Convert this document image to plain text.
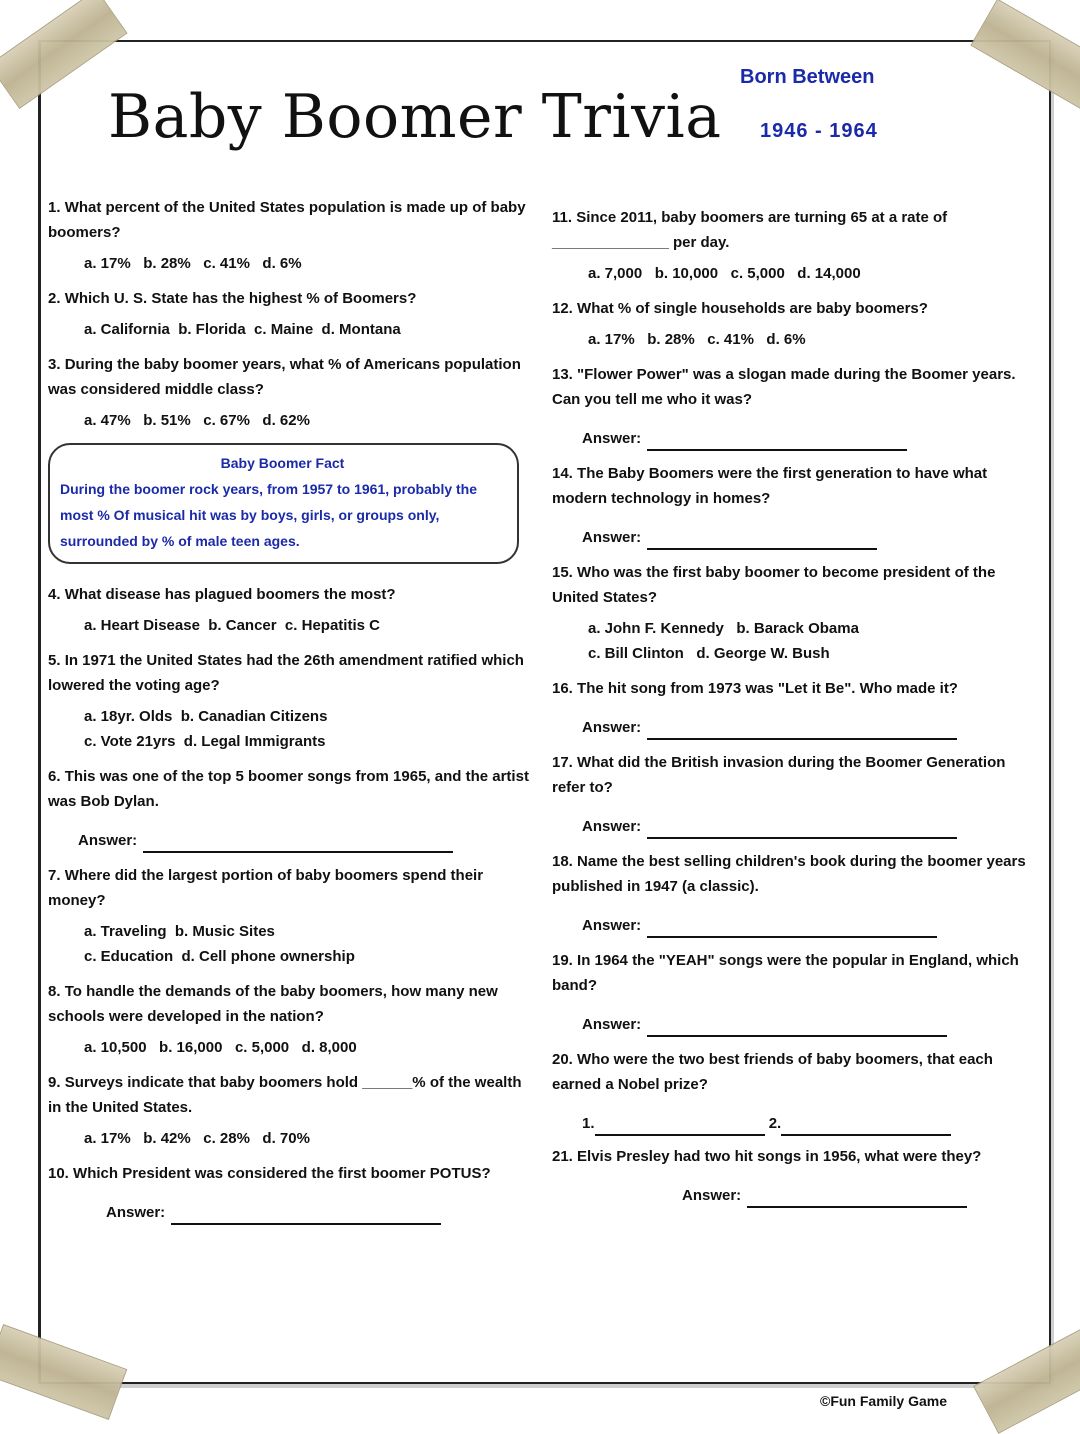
Baby Boomer Trivia
Born Between
1946 - 1964
1. What percent of the United States population is made up of baby boomers?
a. 17%   b. 28%   c. 41%   d. 6%
2. Which U. S. State has the highest % of Boomers?
a. California  b. Florida  c. Maine  d. Montana
3. During the baby boomer years, what % of Americans population was considered middle class?
a. 47%   b. 51%   c. 67%   d. 62%
Baby Boomer Fact
During the boomer rock years, from 1957 to 1961, probably the most % Of musical hit was by boys, girls, or groups only, surrounded by % of male teen ages.
4. What disease has plagued boomers the most?
a. Heart Disease  b. Cancer  c. Hepatitis C
5. In 1971 the United States had the 26th amendment ratified which lowered the voting age?
a. 18yr. Olds  b. Canadian Citizens
c. Vote 21yrs  d. Legal Immigrants
6. This was one of the top 5 boomer songs from 1965, and the artist was Bob Dylan.
Answer:
7. Where did the largest portion of baby boomers spend their money?
a. Traveling  b. Music Sites
c. Education  d. Cell phone ownership
8. To handle the demands of the baby boomers, how many new schools were developed in the nation?
a. 10,500   b. 16,000   c. 5,000   d. 8,000
9. Surveys indicate that baby boomers hold ______% of the wealth in the United States.
a. 17%   b. 42%   c. 28%   d. 70%
10. Which President was considered the first boomer POTUS?
Answer:
11. Since 2011, baby boomers are turning 65 at a rate of ______________ per day.
a. 7,000   b. 10,000   c. 5,000   d. 14,000
12. What % of single households are baby boomers?
a. 17%   b. 28%   c. 41%   d. 6%
13. "Flower Power" was a slogan made during the Boomer years. Can you tell me who it was?
Answer:
14. The Baby Boomers were the first generation to have what modern technology in homes?
Answer:
15. Who was the first baby boomer to become president of the United States?
a. John F. Kennedy   b. Barack Obama
c. Bill Clinton   d. George W. Bush
16. The hit song from 1973 was "Let it Be". Who made it?
Answer:
17. What did the British invasion during the Boomer Generation refer to?
Answer:
18. Name the best selling children's book during the boomer years published in 1947 (a classic).
Answer:
19. In 1964 the "YEAH" songs were the popular in England, which band?
Answer:
20. Who were the two best friends of baby boomers, that each earned a Nobel prize?
1.	2.
21. Elvis Presley had two hit songs in 1956, what were they?
Answer:
©Fun Family Game
